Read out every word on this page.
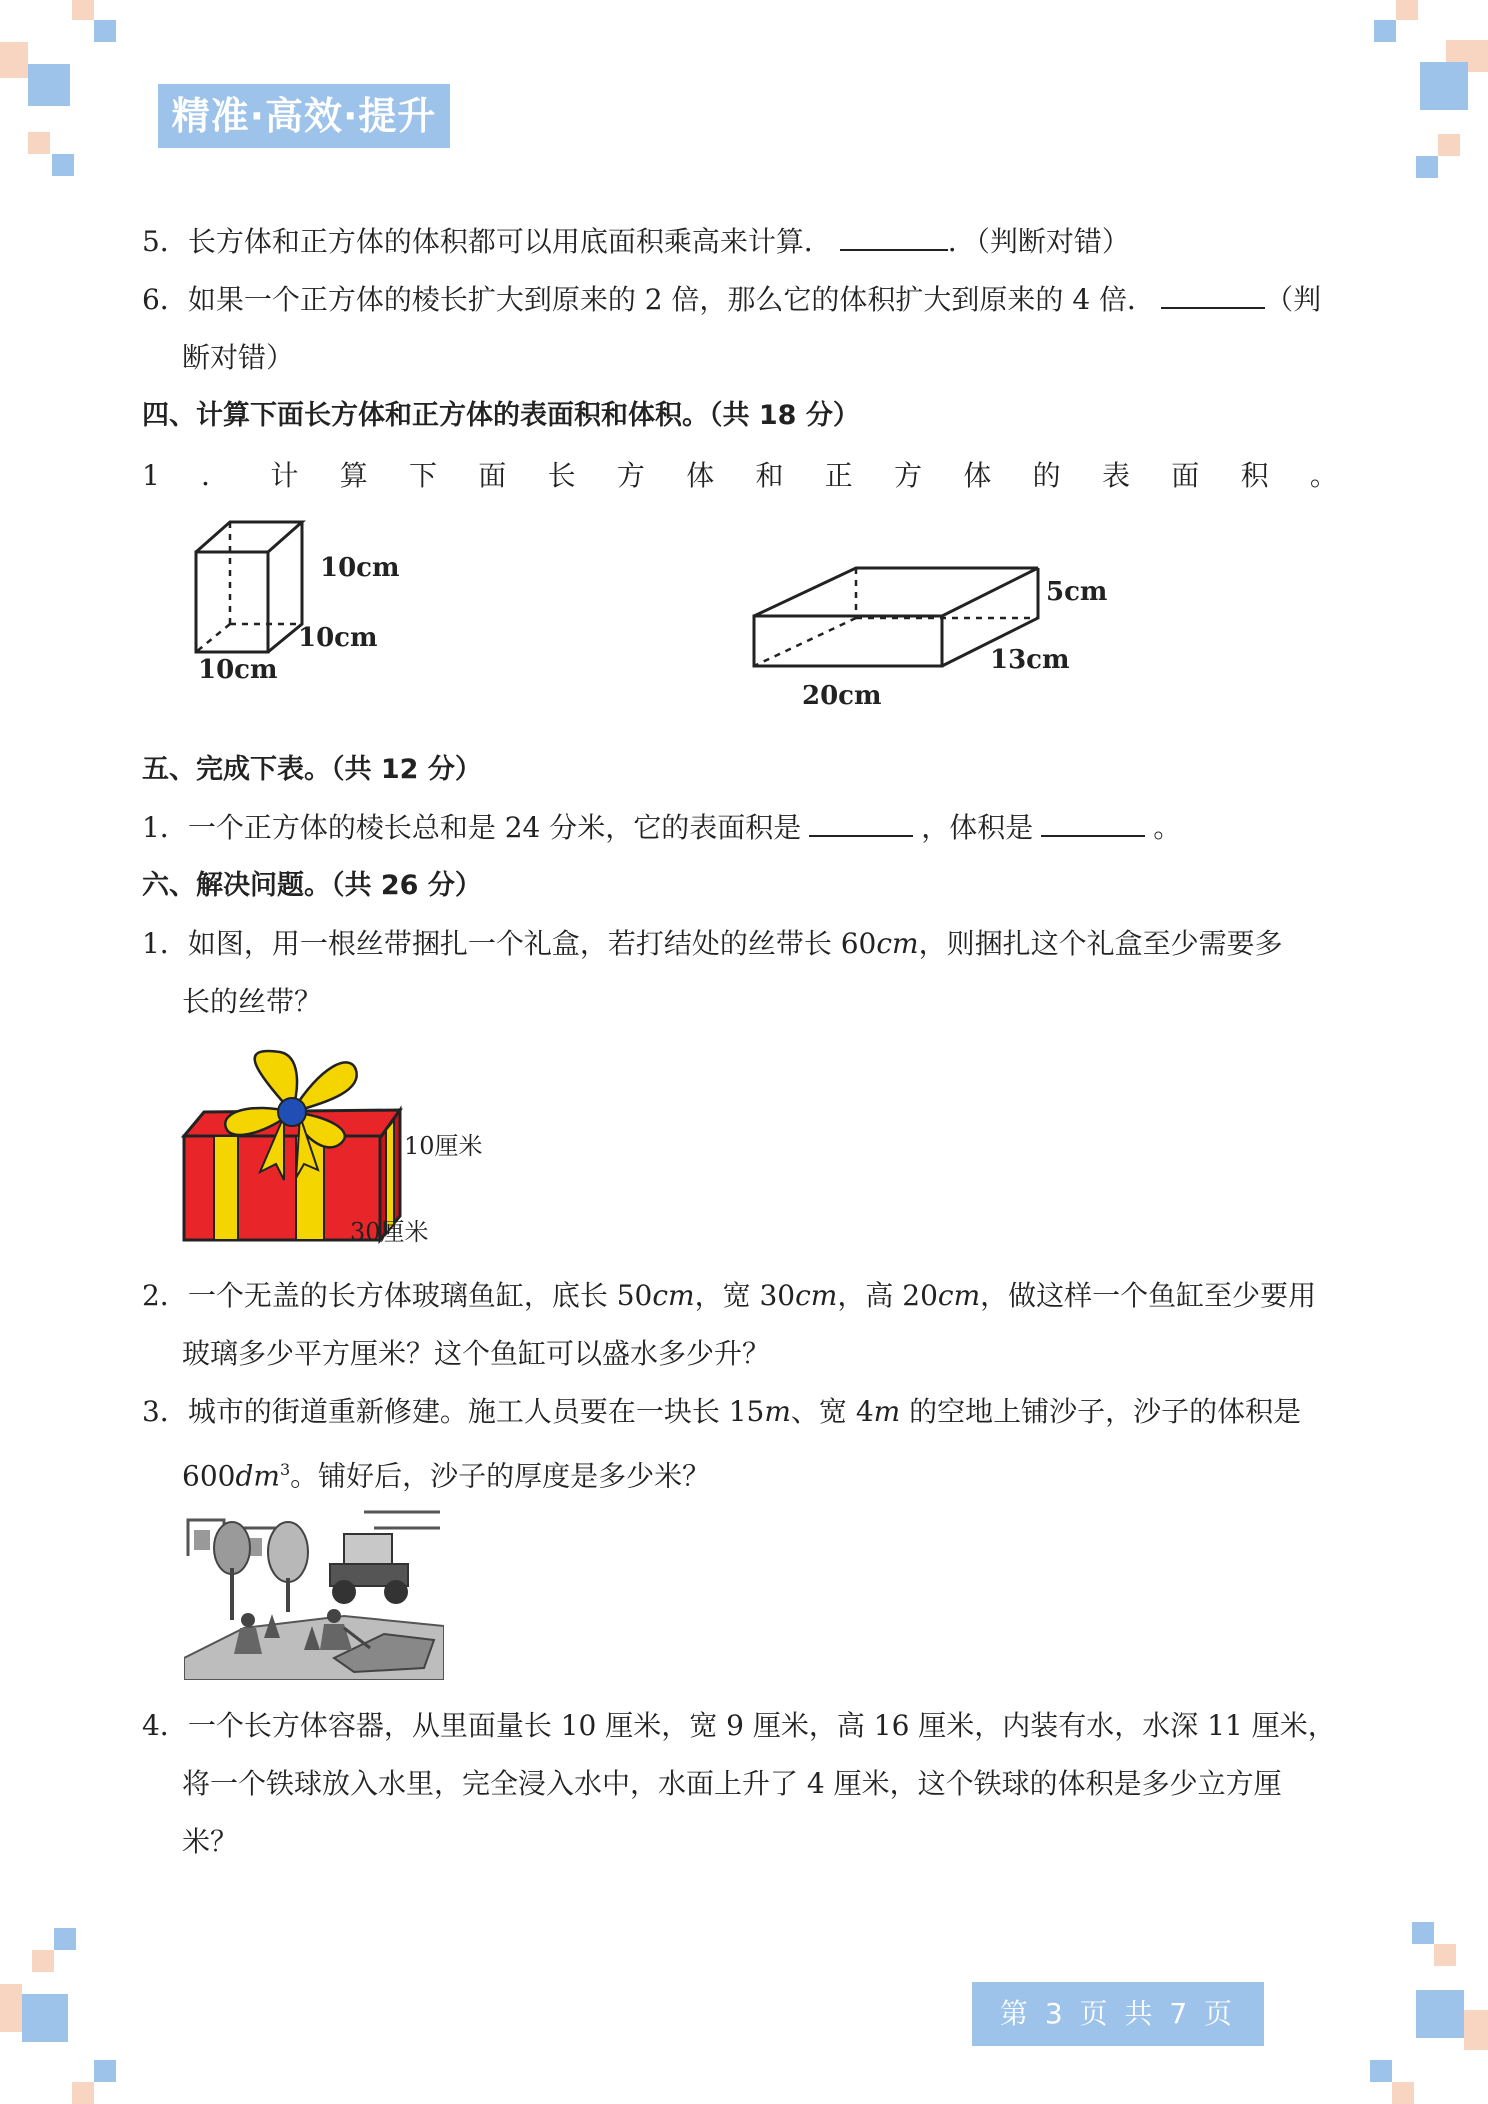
精准·高效·提升
5．长方体和正方体的体积都可以用底面积乘高来计算．	．（判断对错）
6．如果一个正方体的棱长扩大到原来的 2 倍，那么它的体积扩大到原来的 4 倍．	（判
断对错）
四、计算下面长方体和正方体的表面积和体积。（共 18 分）
1 ． 计 算 下 面 长 方 体 和 正 方 体 的 表 面 积 。
10cm
10cm
10cm
5cm
13cm
20cm
五、完成下表。（共 12 分）
1．一个正方体的棱长总和是 24 分米，它的表面积是	，体积是	。
六、解决问题。（共 26 分）
1．如图，用一根丝带捆扎一个礼盒，若打结处的丝带长 60cm，则捆扎这个礼盒至少需要多
长的丝带？
10厘米
30厘米
2．一个无盖的长方体玻璃鱼缸，底长 50cm，宽 30cm，高 20cm，做这样一个鱼缸至少要用
玻璃多少平方厘米？这个鱼缸可以盛水多少升？
3．城市的街道重新修建。施工人员要在一块长 15m、宽 4m 的空地上铺沙子，沙子的体积是
$600dm^3$。铺好后，沙子的厚度是多少米？
4．一个长方体容器，从里面量长 10 厘米，宽 9 厘米，高 16 厘米，内装有水，水深 11 厘米，
将一个铁球放入水里，完全浸入水中，水面上升了 4 厘米，这个铁球的体积是多少立方厘
米？
第 3 页 共 7 页
